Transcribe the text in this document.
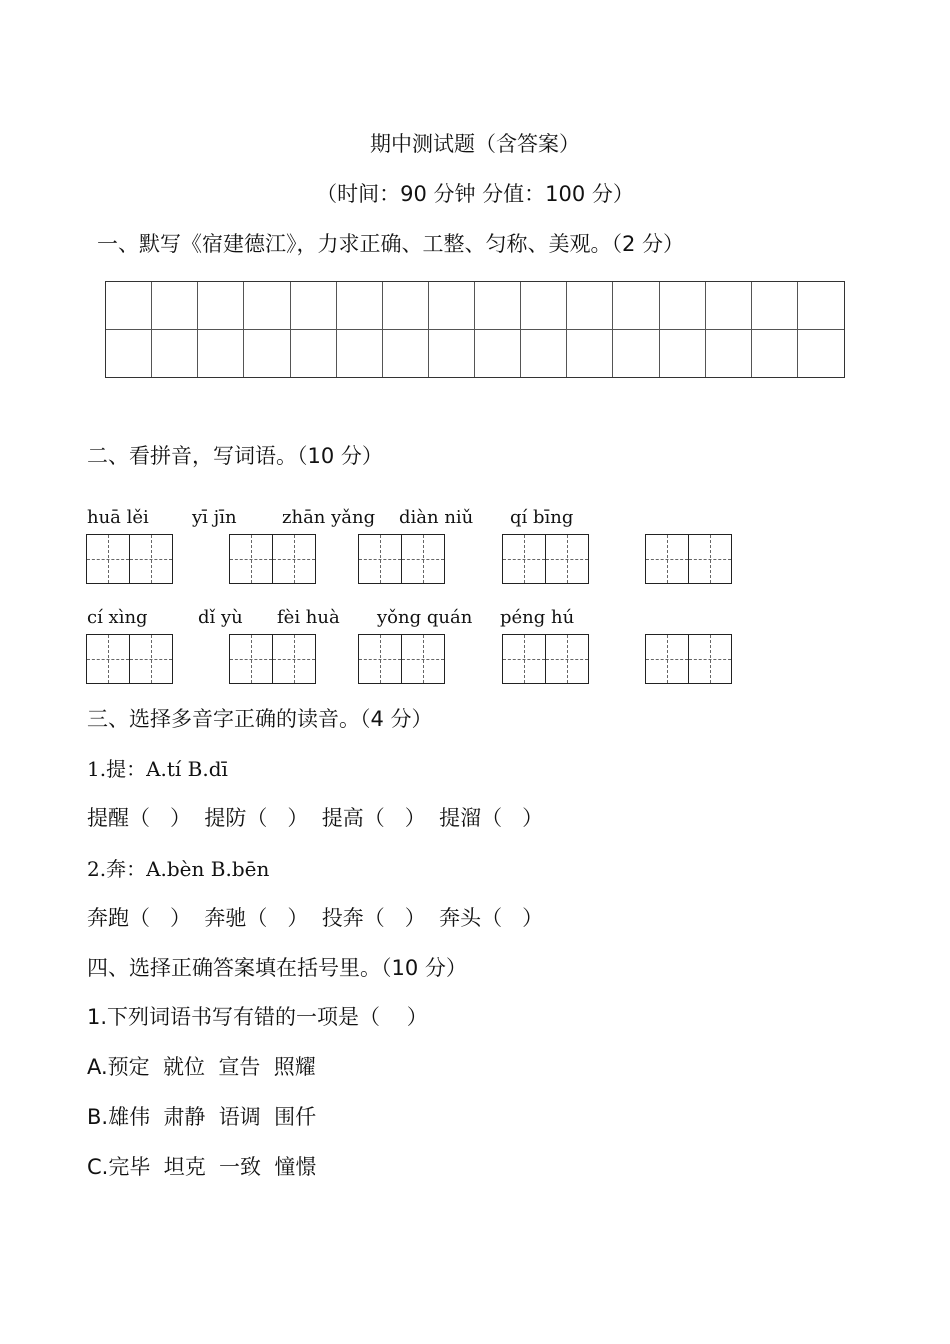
期中测试题（含答案）
（时间：90 分钟 分值：100 分）
一、默写《宿建德江》，力求正确、工整、匀称、美观。（2 分）
二、看拼音，写词语。（10 分）
huā lěi yī jīn	zhān yǎng diàn niǔ qí bīng
cí xìng	dǐ yù fèi huà yǒng quán péng hú
三、选择多音字正确的读音。（4 分）
1.提：A.tí B.dī
提醒（   ）  提防（   ）  提高（   ）  提溜（   ）
2.奔：A.bèn B.bēn
奔跑（   ）  奔驰（   ）  投奔（   ）  奔头（   ）
四、选择正确答案填在括号里。（10 分）
1.下列词语书写有错的一项是（    ）
A.预定  就位  宣告  照耀
B.雄伟  肃静  语调  围仟
C.完毕  坦克  一致  憧憬
